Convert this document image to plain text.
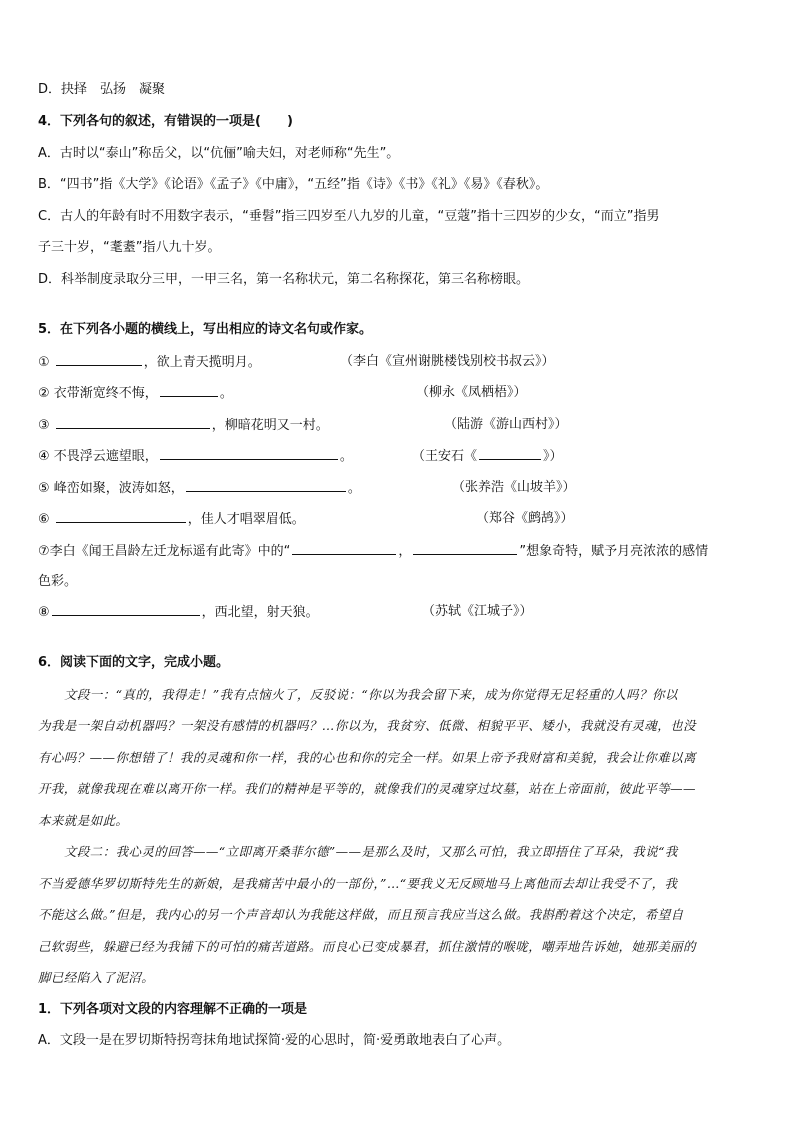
D．抉择　弘扬　凝聚
4．下列各句的叙述，有错误的一项是(　　)
A．古时以“泰山”称岳父，以“伉俪”喻夫妇，对老师称“先生”。
B．“四书”指《大学》《论语》《孟子》《中庸》，“五经”指《诗》《书》《礼》《易》《春秋》。
C．古人的年龄有时不用数字表示，“垂髫”指三四岁至八九岁的儿童，“豆蔻”指十三四岁的少女，“而立”指男
子三十岁，“耄耋”指八九十岁。
D．科举制度录取分三甲，一甲三名，第一名称状元，第二名称探花，第三名称榜眼。
5．在下列各小题的横线上，写出相应的诗文名句或作家。
①	，欲上青天揽明月。	（李白《宣州谢朓楼饯别校书叔云》）
② 衣带渐宽终不悔，	。	（柳永《凤栖梧》）
③	，柳暗花明又一村。	（陆游《游山西村》）
④ 不畏浮云遮望眼，	。	（王安石《	》）
⑤ 峰峦如聚，波涛如怒，	。	（张养浩《山坡羊》）
⑥	，佳人才唱翠眉低。	（郑谷《鹧鸪》）
⑦李白《闻王昌龄左迁龙标遥有此寄》中的“	，	”想象奇特，赋予月亮浓浓的感情
色彩。
⑧	，西北望，射天狼。	（苏轼《江城子》）
6．阅读下面的文字，完成小题。
文段一：“真的，我得走！”我有点恼火了，反驳说：“你以为我会留下来，成为你觉得无足轻重的人吗？你以
为我是一架自动机器吗？一架没有感情的机器吗？…你以为，我贫穷、低微、相貌平平、矮小，我就没有灵魂，也没
有心吗？——你想错了！我的灵魂和你一样，我的心也和你的完全一样。如果上帝予我财富和美貌，我会让你难以离
开我，就像我现在难以离开你一样。我们的精神是平等的，就像我们的灵魂穿过坟墓，站在上帝面前，彼此平等——
本来就是如此。
文段二：我心灵的回答——“立即离开桑菲尔德”——是那么及时，又那么可怕，我立即捂住了耳朵，我说“我
不当爱德华罗切斯特先生的新娘，是我痛苦中最小的一部份，”…“要我义无反顾地马上离他而去却让我受不了，我
不能这么做。”但是，我内心的另一个声音却认为我能这样做，而且预言我应当这么做。我斟酌着这个决定，希望自
己软弱些，躲避已经为我铺下的可怕的痛苦道路。而良心已变成暴君，抓住激情的喉咙，嘲弄地告诉她，她那美丽的
脚已经陷入了泥沼。
1．下列各项对文段的内容理解不正确的一项是
A．文段一是在罗切斯特拐弯抹角地试探简·爱的心思时，简·爱勇敢地表白了心声。
